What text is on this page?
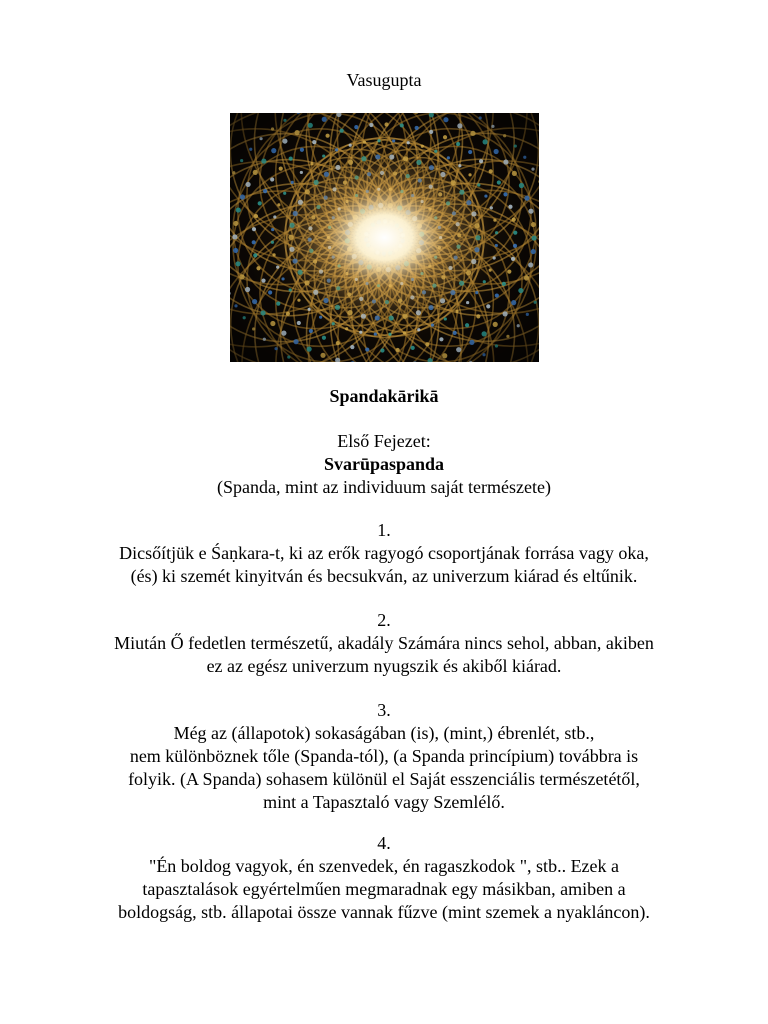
Vasugupta
Spandakārikā
Első Fejezet:
Svarūpaspanda
(Spanda, mint az individuum saját természete)
1.
Dicsőítjük e Śaṇkara-t, ki az erők ragyogó csoportjának forrása vagy oka,
(és) ki szemét kinyitván és becsukván, az univerzum kiárad és eltűnik.
2.
Miután Ő fedetlen természetű, akadály Számára nincs sehol, abban, akiben
ez az egész univerzum nyugszik és akiből kiárad.
3.
Még az (állapotok) sokaságában (is), (mint,) ébrenlét, stb.,
nem különböznek tőle (Spanda-tól), (a Spanda princípium) továbbra is
folyik. (A Spanda) sohasem különül el Saját esszenciális természetétől,
mint a Tapasztaló vagy Szemlélő.
4.
"Én boldog vagyok, én szenvedek, én ragaszkodok ", stb.. Ezek a
tapasztalások egyértelműen megmaradnak egy másikban, amiben a
boldogság, stb. állapotai össze vannak fűzve (mint szemek a nyakláncon).
